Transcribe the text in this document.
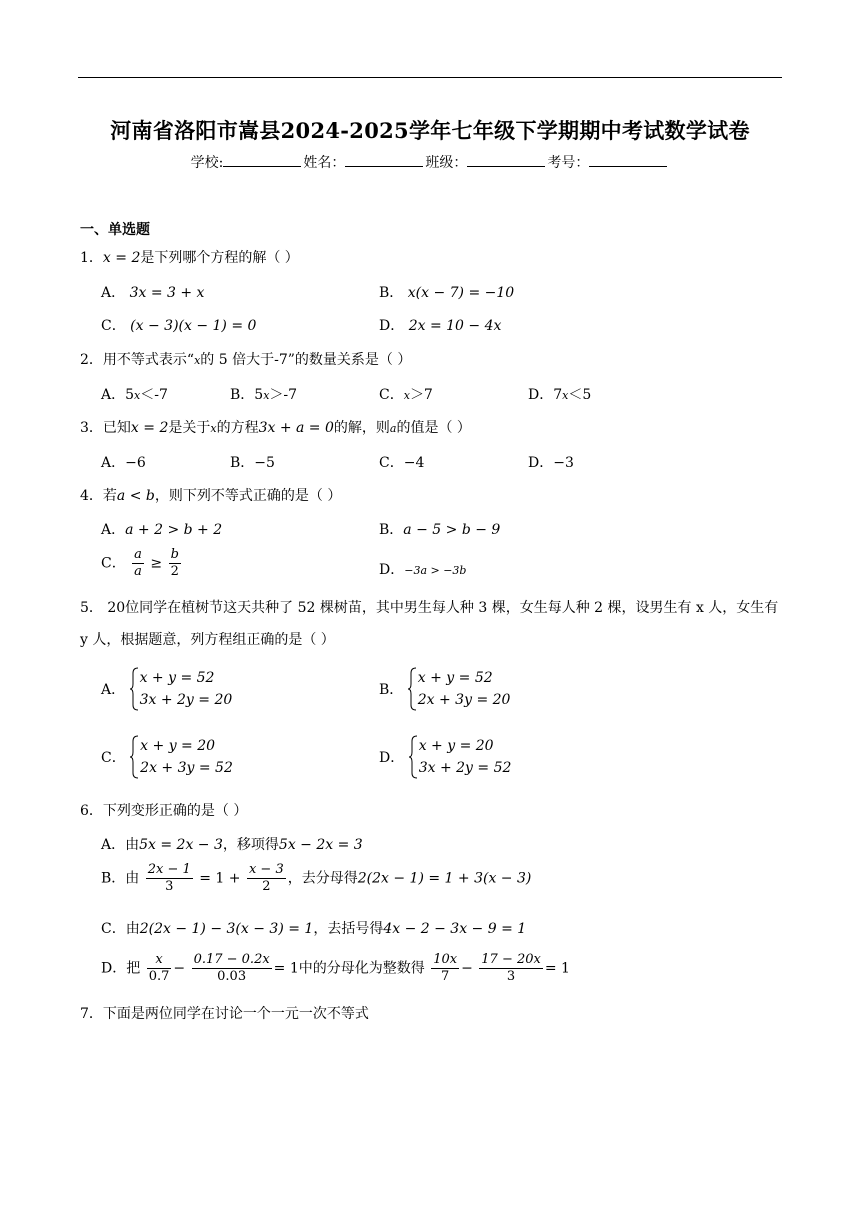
河南省洛阳市嵩县2024-2025学年七年级下学期期中考试数学试卷
学校:	姓名：	班级：	考号：
一、单选题
1．x = 2是下列哪个方程的解（ ）
A． 3x = 3 + x	B． x(x − 7) = −10
C． (x − 3)(x − 1) = 0	D． 2x = 10 − 4x
2．用不等式表示“x的 5 倍大于-7”的数量关系是（ ）
A．5x＜-7	B．5x＞-7	C．x＞7	D．7x＜5
3．已知x = 2是关于x的方程3x + a = 0的解，则a的值是（ ）
A．−6	B．−5	C．−4	D．−3
4．若a < b，则下列不等式正确的是（ ）
A．a + 2 > b + 2	B．a − 5 > b − 9
C． $\frac{a}{a} \ge \frac{b}{2}$	D．−3a > −3b
5． 20位同学在植树节这天共种了 52 棵树苗，其中男生每人种 3 棵，女生每人种 2 棵，设男生有 x 人，女生有 y 人，根据题意，列方程组正确的是（ ）
A．
x + y = 52
3x + 2y = 20
B．
x + y = 52
2x + 3y = 20
C．
x + y = 20
2x + 3y = 52
D．
x + y = 20
3x + 2y = 52
6．下列变形正确的是（ ）
A．由5x = 2x − 3，移项得5x − 2x = 3
B．由 $\frac{2x - 1}{3} = 1 + \frac{x - 3}{2}$ ，去分母得2(2x − 1) = 1 + 3(x − 3)
C．由2(2x − 1) − 3(x − 3) = 1，去括号得4x − 2 − 3x − 9 = 1
D．把 $\frac{x}{0.7} - \frac{0.17 - 0.2x}{0.03} = 1$中的分母化为整数得 $\frac{10x}{7} - \frac{17 - 20x}{3} = 1$
7．下面是两位同学在讨论一个一元一次不等式
